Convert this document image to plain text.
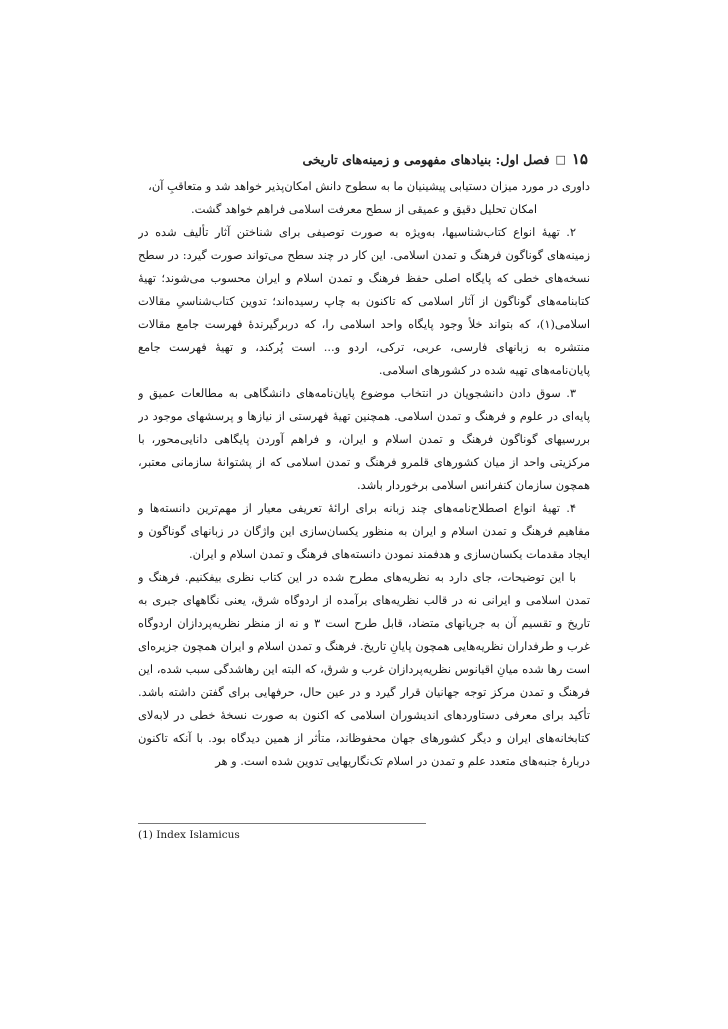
۱۵
□
فصل اول: بنیادهای مفهومی و زمینه‌های تاریخی

داوری در مورد میزان دستیابی پیشینیان ما به سطوح دانش امکان‌پذیر خواهد شد و متعاقبِ آن،

امکان تحلیل دقیق و عمیقی از سطح معرفت اسلامی فراهم خواهد گشت.

۲. تهیهٔ انواع کتاب‌شناسیها، به‌ویژه به صورت توصیفی برای شناختن آثار تألیف شده در زمینه‌های گوناگون فرهنگ و تمدن اسلامی. این کار در چند سطح می‌تواند صورت گیرد: در سطح نسخه‌های خطی که پایگاه اصلی حفظ فرهنگ و تمدن اسلام و ایران محسوب می‌شوند؛ تهیهٔ کتابنامه‌های گوناگون از آثار اسلامی که تاکنون به چاپ رسیده‌اند؛ تدوین کتاب‌شناسیِ مقالات اسلامی(۱)، که بتواند خلأ وجود پایگاه واحد اسلامی را، که دربرگیرندهٔ فهرست جامع مقالات منتشره به زبانهای فارسی، عربی، ترکی، اردو و... است پُرکند، و تهیهٔ فهرست جامع پایان‌نامه‌های تهیه شده در کشورهای اسلامی.

۳. سوق دادن دانشجویان در انتخاب موضوع پایان‌نامه‌های دانشگاهی به مطالعات عمیق و پایه‌ای در علوم و فرهنگ و تمدن اسلامی. همچنین تهیهٔ فهرستی از نیازها و پرسشهای موجود در بررسیهای گوناگون فرهنگ و تمدن اسلام و ایران، و فراهم آوردن پایگاهی دانایی‌محور، با مرکزیتی واحد از میان کشورهای قلمرو فرهنگ و تمدن اسلامی که از پشتوانهٔ سازمانی معتبر، همچون سازمان کنفرانس اسلامی برخوردار باشد.

۴. تهیهٔ انواع اصطلاح‌نامه‌های چند زبانه برای ارائهٔ تعریفی معیار از مهم‌ترین دانسته‌ها و مفاهیم فرهنگ و تمدن اسلام و ایران به منظور یکسان‌سازی این واژگان در زبانهای گوناگون و ایجاد مقدمات یکسان‌سازی و هدفمند نمودن دانسته‌های فرهنگ و تمدن اسلام و ایران.

با این توضیحات، جای دارد به نظریه‌های مطرح شده در این کتاب نظری بیفکنیم. فرهنگ و تمدن اسلامی و ایرانی نه در قالب نظریه‌های برآمده از اردوگاه شرق، یعنی نگاههای جبری به تاریخ و تقسیم آن به جریانهای متضاد، قابل طرح است ۳ و نه از منظر نظریه‌پردازان اردوگاه غرب و طرفداران نظریه‌هایی همچون پایانِ تاریخ. فرهنگ و تمدن اسلام و ایران همچون جزیره‌ای است رها شده میانِ اقیانوس نظریه‌پردازان غرب و شرق، که البته این رهاشدگی سبب شده، این فرهنگ و تمدن مرکز توجه جهانیان قرار گیرد و در عین حال، حرفهایی برای گفتن داشته باشد. تأکید برای معرفی دستاوردهای اندیشوران اسلامی که اکنون به صورت نسخهٔ خطی در لابه‌لای کتابخانه‌های ایران و دیگر کشورهای جهان محفوظاند، متأثر از همین دیدگاه بود. با آنکه تاکنون دربارهٔ جنبه‌های متعدد علم و تمدن در اسلام تک‌نگاریهایی تدوین شده است. و هر

(1) Index Islamicus
